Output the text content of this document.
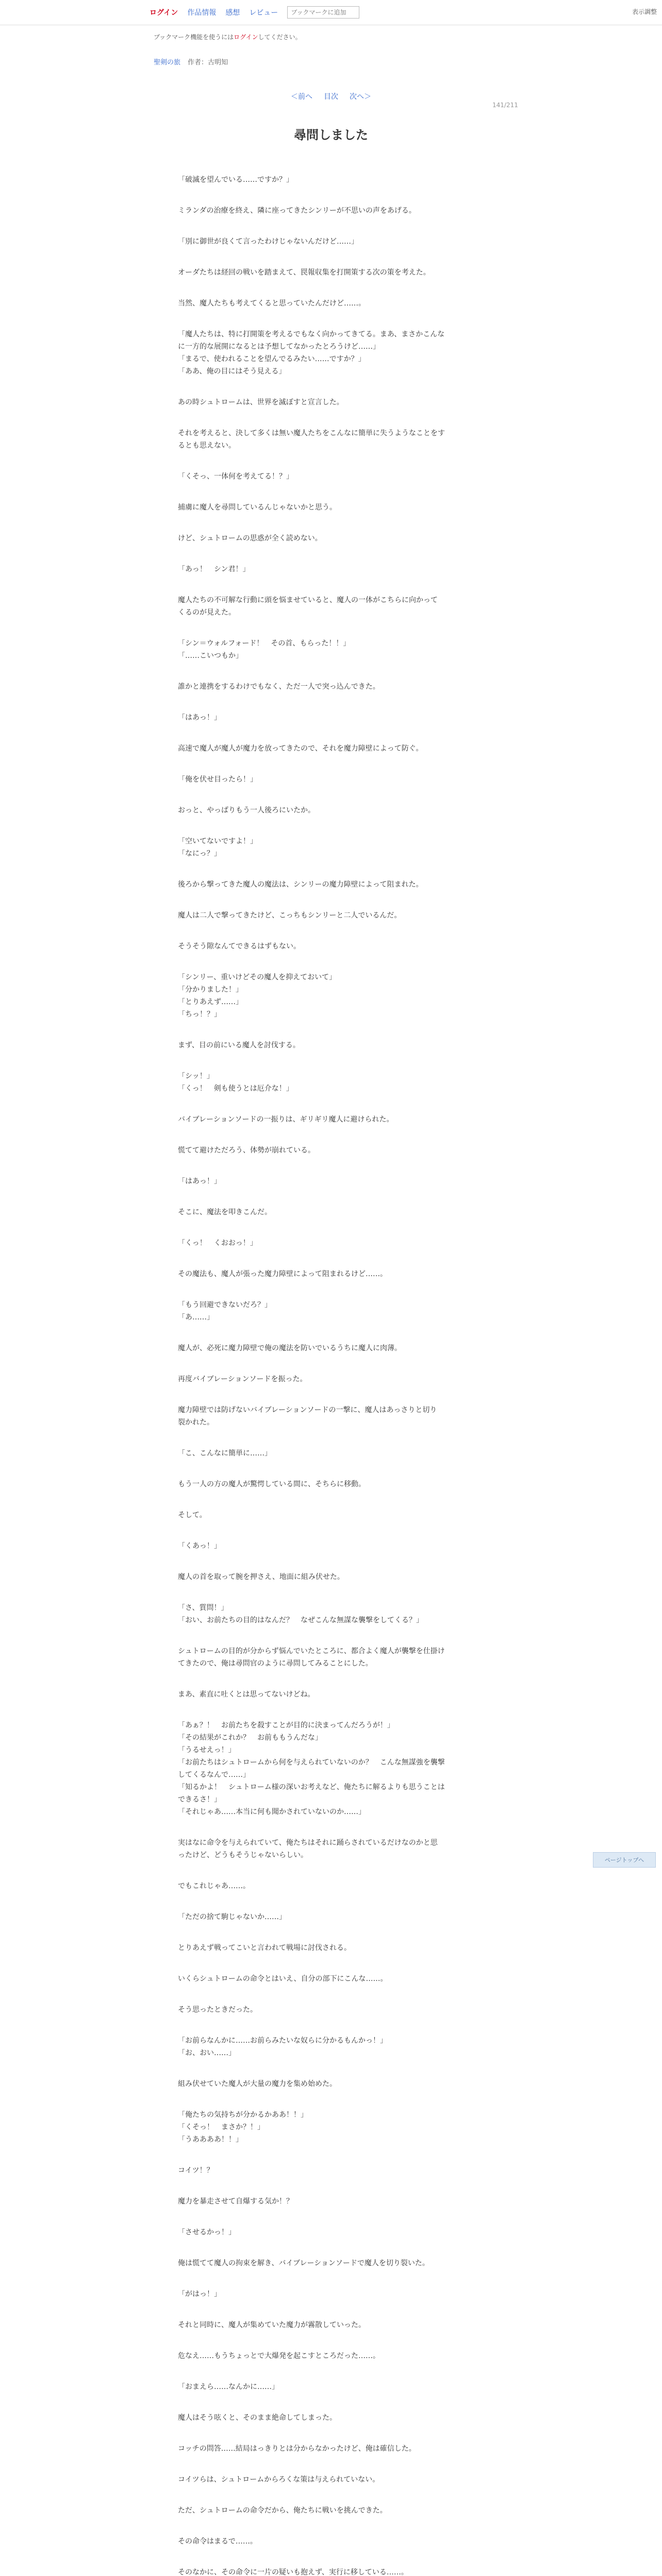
ログイン 作品情報 感想 レビュー
ブックマークに追加	表示調整
ブックマーク機能を使うにはログインしてください。
聖剣の旅 作者：古明知
＜前へ 目次 次へ＞
141/211
尋問しました

「破滅を望んでいる……ですか？」

ミランダの治療を終え、隣に座ってきたシンリーが不思いの声をあげる。

「別に御世が良くて言ったわけじゃないんだけど……」

オーダたちは経回の戦いを踏まえて、罠報収集を打開策する次の策を考えた。

当然、魔人たちも考えてくると思っていたんだけど……。

「魔人たちは、特に打開策を考えるでもなく向かってきてる。まあ、まさかこんな
に一方的な展開になるとは予想してなかったとろうけど……」
「まるで、使われることを望んでるみたい……ですか？」
「ああ、俺の目にはそう見える」

あの時シュトロームは、世界を滅ぼすと宣言した。

それを考えると、決して多くは無い魔人たちをこんなに簡単に失うようなことをす
るとも思えない。

「くそっ、一体何を考えてる！？」

捕虜に魔人を尋問しているんじゃないかと思う。

けど、シュトロームの思惑が全く読めない。

「あっ！　シン君！」

魔人たちの不可解な行動に頭を悩ませていると、魔人の一体がこちらに向かって
くるのが見えた。

「シン＝ウォルフォード！　その首、もらった！！」
「……こいつもか」

誰かと連携をするわけでもなく、ただ一人で突っ込んできた。

「はあっ！」

高速で魔人が魔人が魔力を放ってきたので、それを魔力障壁によって防ぐ。

「俺を伏せ目ったら！」

おっと、やっぱりもう一人後ろにいたか。

「空いてないですよ！」
「なにっ？」

後ろから撃ってきた魔人の魔法は、シンリーの魔力障壁によって阻まれた。

魔人は二人で撃ってきたけど、こっちもシンリーと二人でいるんだ。

そうそう隙なんてできるはずもない。

「シンリー、重いけどその魔人を抑えておいて」
「分かりました！」
「とりあえず……」
「ちっ！？」

まず、目の前にいる魔人を討伐する。

「シッ！」
「くっ！　剣も使うとは厄介な！」

バイブレーションソードの一振りは、ギリギリ魔人に避けられた。

慌てて避けただろう、体勢が崩れている。

「はあっ！」

そこに、魔法を叩きこんだ。

「くっ！　くおおっ！」

その魔法も、魔人が張った魔力障壁によって阻まれるけど……。

「もう回避できないだろ？」
「あ……」

魔人が、必死に魔力障壁で俺の魔法を防いでいるうちに魔人に肉薄。

再度バイブレーションソードを振った。

魔力障壁では防げないバイブレーションソードの一撃に、魔人はあっさりと切り
裂かれた。

「こ、こんなに簡単に……」

もう一人の方の魔人が驚愕している間に、そちらに移動。

そして。

「くあっ！」

魔人の首を取って腕を押さえ、地面に組み伏せた。

「さ、質問！」
「おい、お前たちの目的はなんだ？　なぜこんな無謀な襲撃をしてくる？」

シュトロームの目的が分からず悩んでいたところに、都合よく魔人が襲撃を仕掛け
てきたので、俺は尋問官のように尋問してみることにした。

まあ、素直に吐くとは思ってないけどね。

「あぁ？！　お前たちを殺すことが目的に決まってんだろうが！」
「その結果がこれか？　お前ももうんだな」
「うるせえっ！」
「お前たちはシュトロームから何を与えられていないのか？　こんな無謀強を襲撃
してくるなんで……」
「知るかよ！　シュトローム様の深いお考えなど、俺たちに解るよりも思うことは
できるさ！」
「それじゃあ……本当に何も聞かされていないのか……」

実はなに命令を与えられていて、俺たちはそれに踊らされているだけなのかと思
ったけど、どうもそうじゃないらしい。

でもこれじゃあ……。

「ただの捨て駒じゃないか……」

とりあえず戦ってこいと言われて戦場に討伐される。

いくらシュトロームの命令とはいえ、自分の部下にこんな……。

そう思ったときだった。

「お前らなんかに……お前らみたいな奴らに分かるもんかっ！」
「お、おい……」

組み伏せていた魔人が大量の魔力を集め始めた。

「俺たちの気持ちが分かるかああ！！」
「くそっ！　まさか？！」
「うああああ！！」

コイツ！？

魔力を暴走させて自爆する気か！？

「させるかっ！」

俺は慌てて魔人の拘束を解き、バイブレーションソードで魔人を切り裂いた。

「がはっ！」

それと同時に、魔人が集めていた魔力が霧散していった。

危なえ……もうちょっとで大爆発を起こすところだった……。

「おまえら……なんかに……」

魔人はそう呟くと、そのまま絶命してしまった。

コッチの問答……結局はっきりとは分からなかったけど、俺は確信した。

コイツらは、シュトロームからろくな策は与えられていない。

ただ、シュトロームの命令だから、俺たちに戦いを挑んできた。

その命令はまるで……。

そのなかに、その命令に一片の疑いも抱えず、実行に移している……。

ページトップへ
